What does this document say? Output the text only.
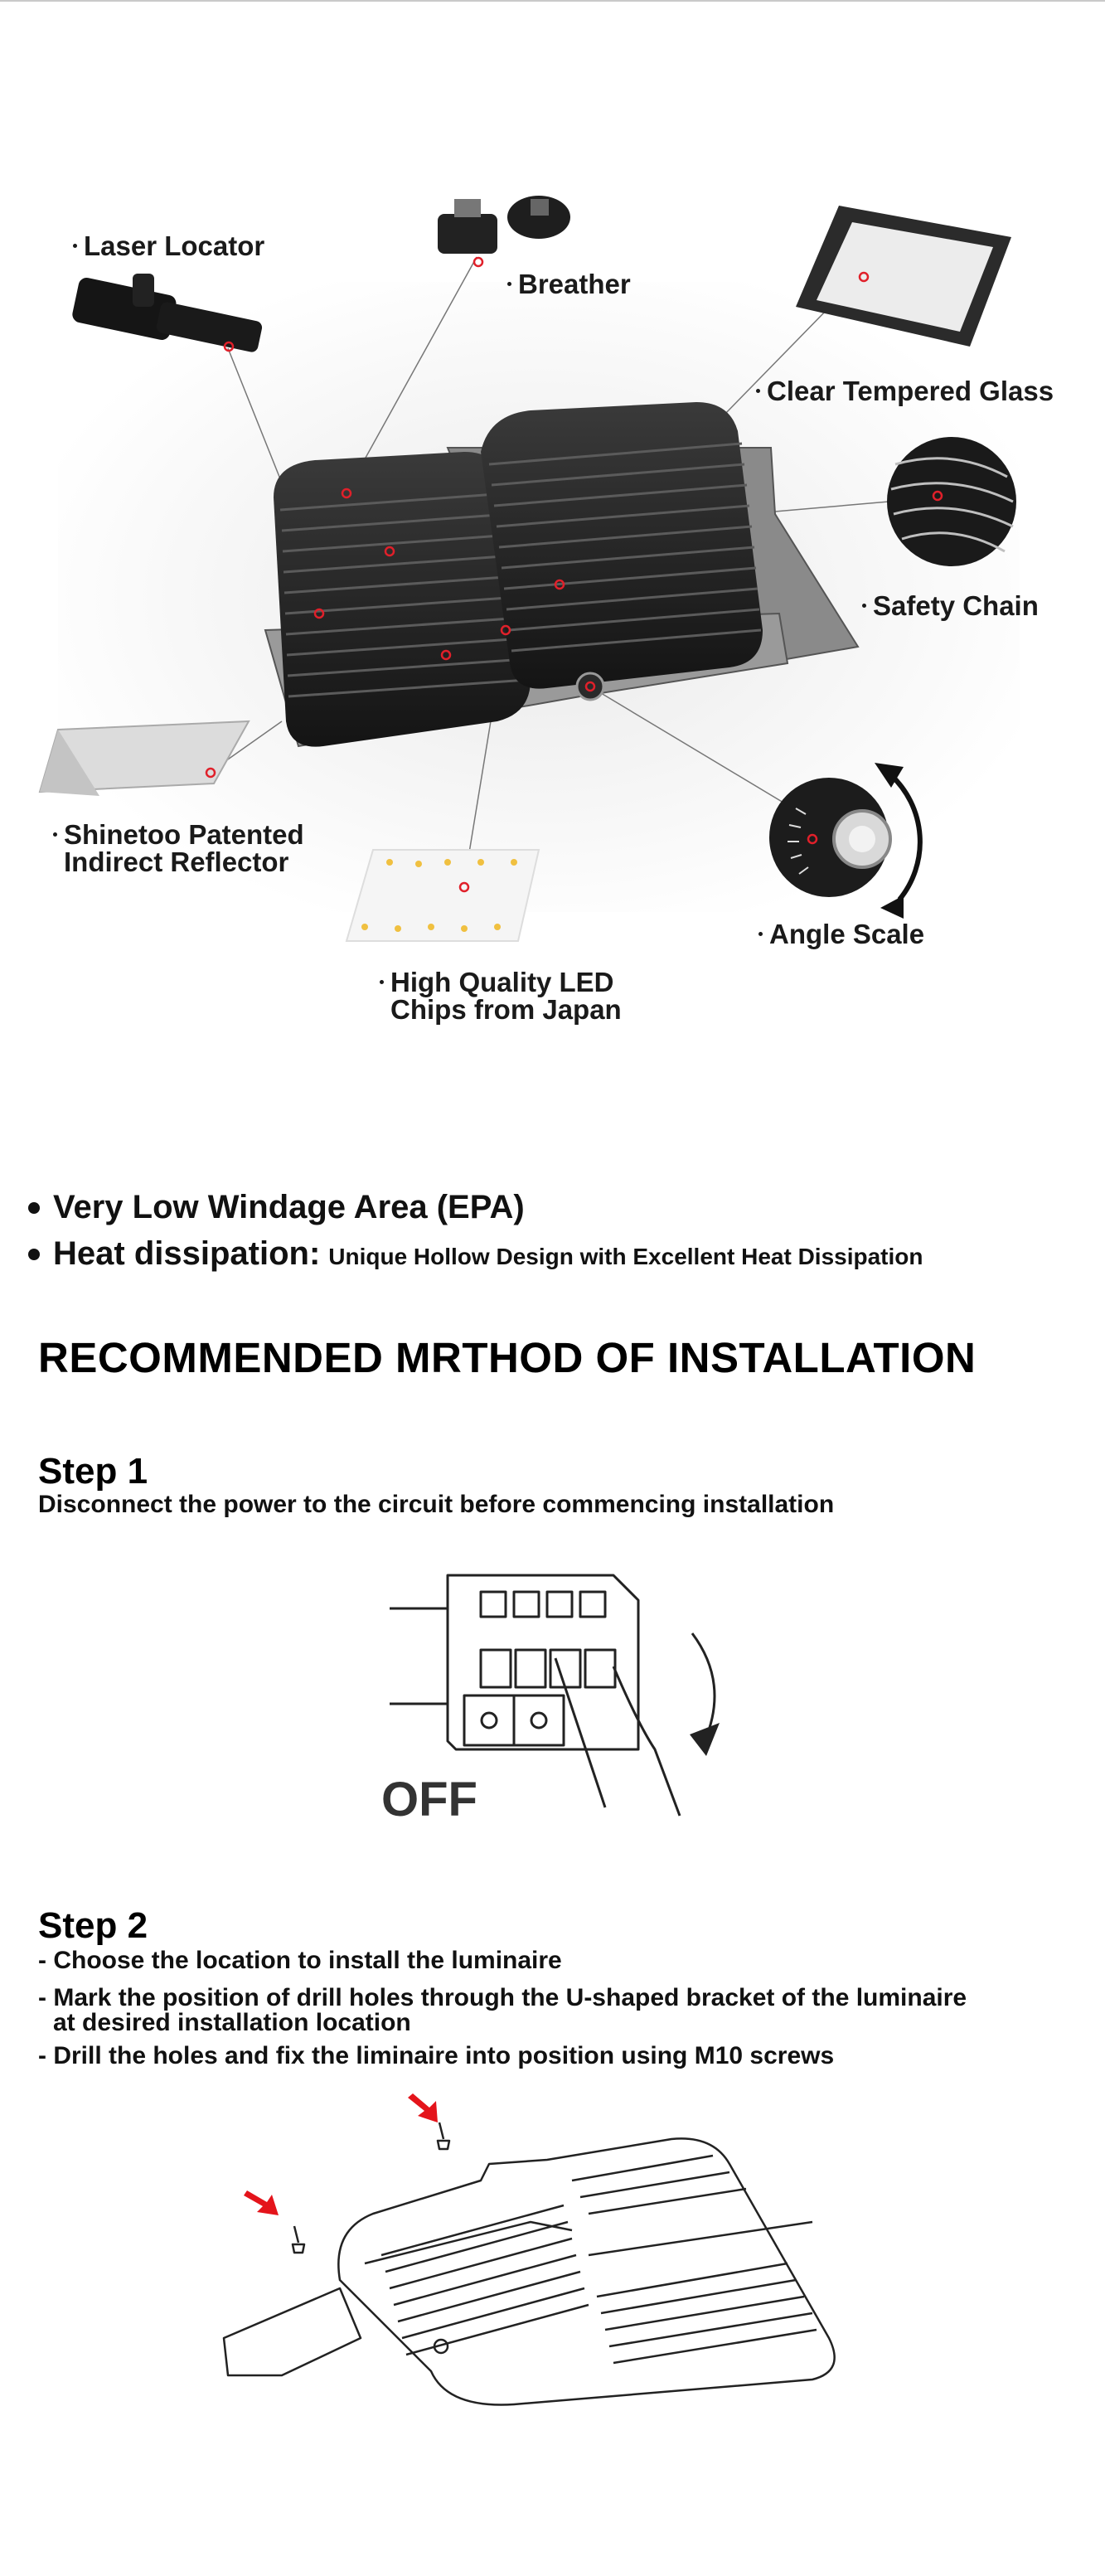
Laser Locator
Breather
Clear Tempered Glass
Safety Chain
Shinetoo Patented
Indirect Reflector
Angle Scale
High Quality LED
Chips from Japan
Very Low Windage Area (EPA)
Heat dissipation: Unique Hollow Design with Excellent Heat Dissipation
RECOMMENDED MRTHOD OF INSTALLATION
Step 1
Disconnect the power to the circuit before commencing installation
OFF
Step 2
- Choose the location to install the luminaire
- Mark the position of drill holes through the U-shaped bracket of the luminaire
at desired installation location
- Drill the holes and fix the liminaire into position using M10 screws
